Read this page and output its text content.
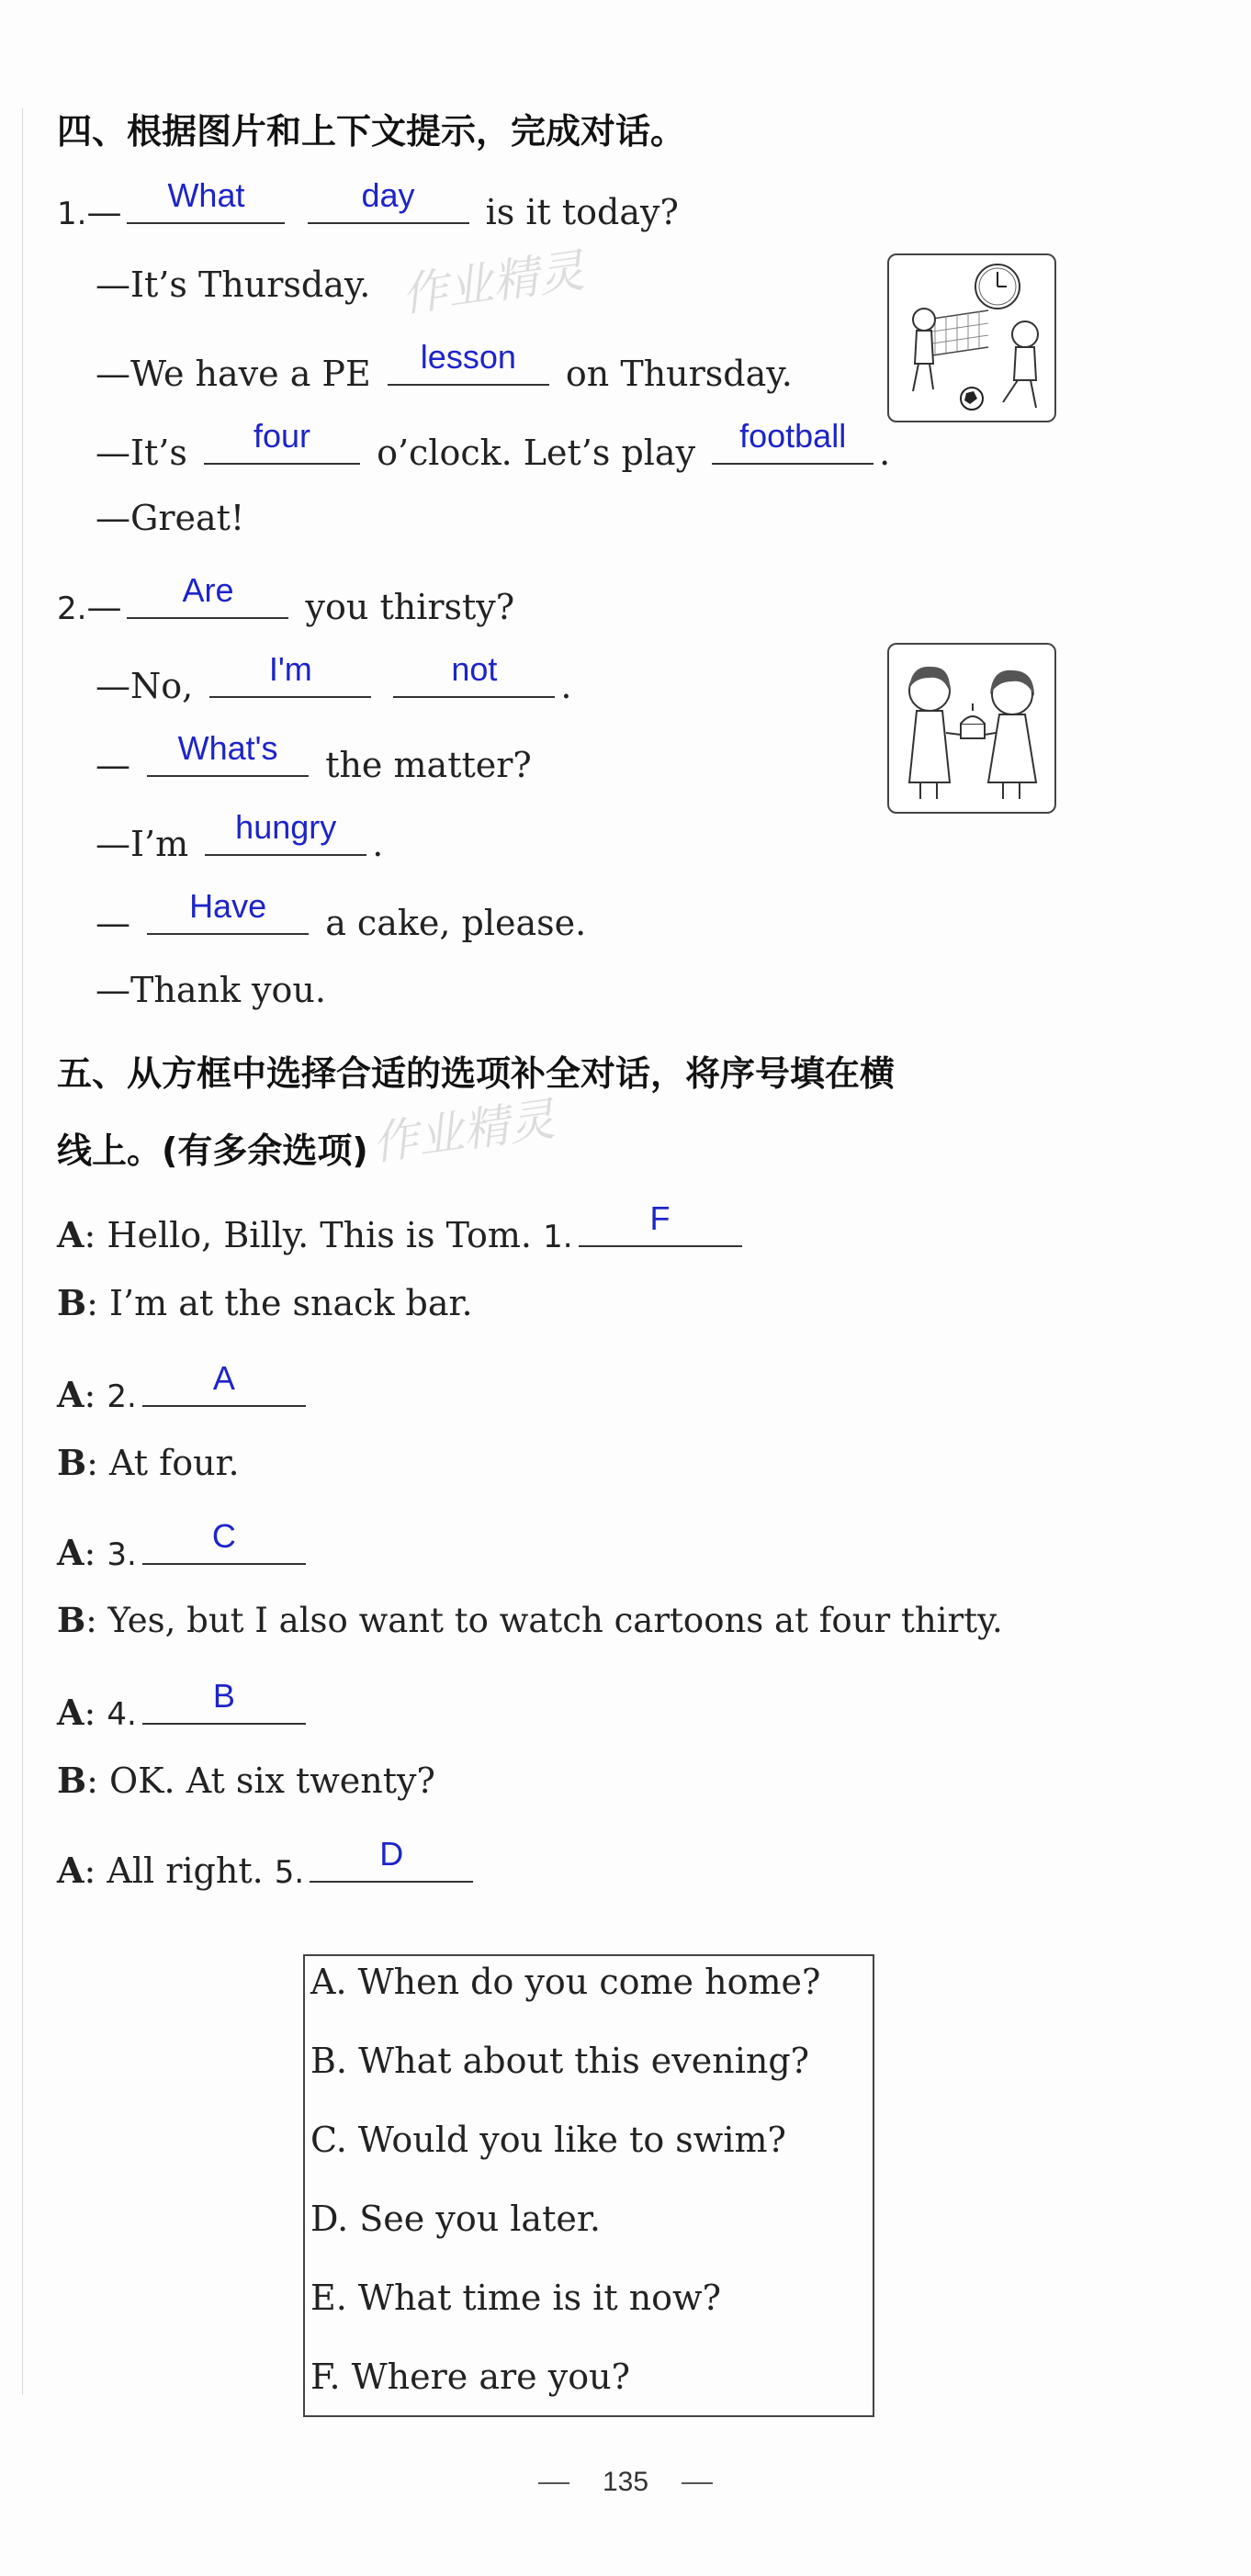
四、根据图片和上下文提示，完成对话。
1.—	What
	day	is it today?
—It’s Thursday.
—We have a PE	lesson	on Thursday.
—It’s	four	o’clock. Let’s play	football .
—Great!
2.—	Are	you thirsty?
—No,	I'm
	not	.
—	What's	the matter?
—I’m	hungry	.
—	Have	a cake, please.
—Thank you.
五、从方框中选择合适的选项补全对话，将序号填在横
线上。(有多余选项)
A: Hello, Billy. This is Tom. 1.	F
B: I’m at the snack bar.
A: 2.	A
B: At four.
A: 3.	C
B: Yes, but I also want to watch cartoons at four thirty.
A: 4.	B
B: OK. At six twenty?
A: All right. 5.	D
A. When do you come home?
B. What about this evening?
C. Would you like to swim?
D. See you later.
E. What time is it now?
F. Where are you?
作业精灵
作业精灵
135
